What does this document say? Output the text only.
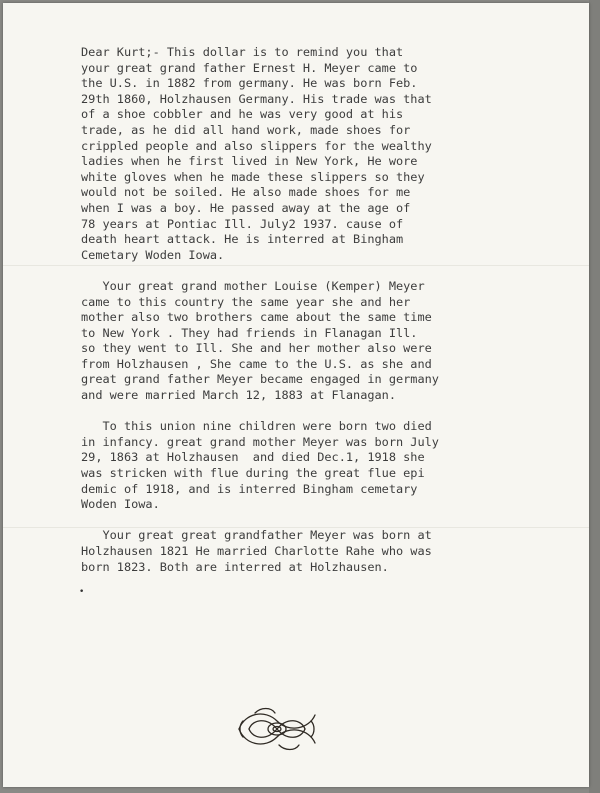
Dear Kurt;- This dollar is to remind you that
your great grand father Ernest H. Meyer came to
the U.S. in 1882 from germany. He was born Feb.
29th 1860, Holzhausen Germany. His trade was that
of a shoe cobbler and he was very good at his
trade, as he did all hand work, made shoes for
crippled people and also slippers for the wealthy
ladies when he first lived in New York, He wore
white gloves when he made these slippers so they
would not be soiled. He also made shoes for me
when I was a boy. He passed away at the age of
78 years at Pontiac Ill. July2 1937. cause of
death heart attack. He is interred at Bingham
Cemetary Woden Iowa.
Your great grand mother Louise (Kemper) Meyer
came to this country the same year she and her
mother also two brothers came about the same time
to New York . They had friends in Flanagan Ill.
so they went to Ill. She and her mother also were
from Holzhausen , She came to the U.S. as she and
great grand father Meyer became engaged in germany
and were married March 12, 1883 at Flanagan.
To this union nine children were born two died
in infancy. great grand mother Meyer was born July
29, 1863 at Holzhausen  and died Dec.1, 1918 she
was stricken with flue during the great flue epi
demic of 1918, and is interred Bingham cemetary
Woden Iowa.
Your great great grandfather Meyer was born at
Holzhausen 1821 He married Charlotte Rahe who was
born 1823. Both are interred at Holzhausen.
•
